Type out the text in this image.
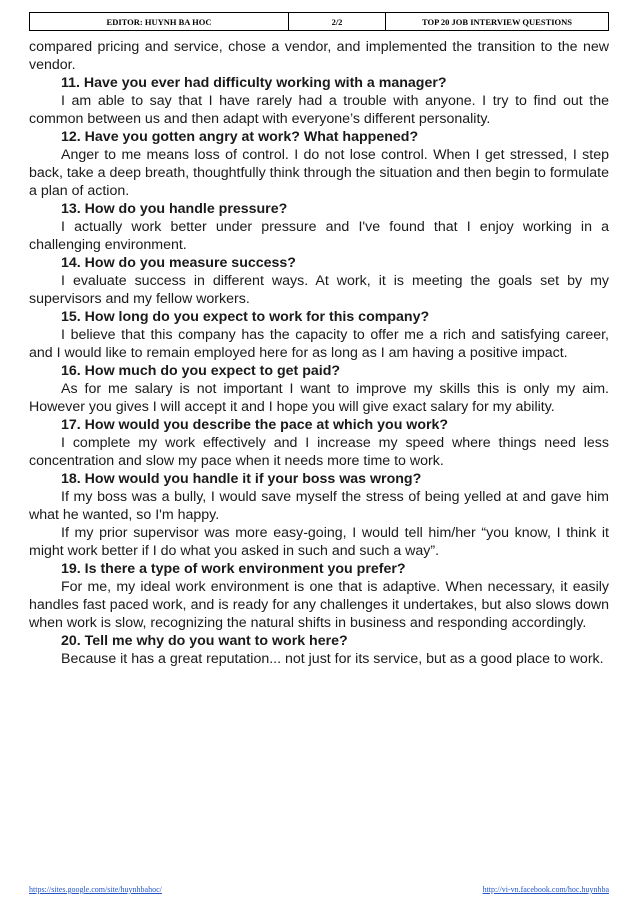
EDITOR: HUYNH BA HOC	2/2	TOP 20 JOB INTERVIEW QUESTIONS

compared pricing and service, chose a vendor, and implemented the transition to the new vendor.

11. Have you ever had difficulty working with a manager?

I am able to say that I have rarely had a trouble with anyone. I try to find out the common between us and then adapt with everyone’s different personality.

12. Have you gotten angry at work? What happened?

Anger to me means loss of control. I do not lose control. When I get stressed, I step back, take a deep breath, thoughtfully think through the situation and then begin to formulate a plan of action.

13. How do you handle pressure?

I actually work better under pressure and I've found that I enjoy working in a challenging environment.

14. How do you measure success?

I evaluate success in different ways. At work, it is meeting the goals set by my supervisors and my fellow workers.

15. How long do you expect to work for this company?

I believe that this company has the capacity to offer me a rich and satisfying career, and I would like to remain employed here for as long as I am having a positive impact.

16. How much do you expect to get paid?

As for me salary is not important I want to improve my skills this is only my aim. However you gives I will accept it and I hope you will give exact salary for my ability.

17. How would you describe the pace at which you work?

I complete my work effectively and I increase my speed where things need less concentration and slow my pace when it needs more time to work.

18. How would you handle it if your boss was wrong?

If my boss was a bully, I would save myself the stress of being yelled at and gave him what he wanted, so I'm happy.

If my prior supervisor was more easy-going, I would tell him/her “you know, I think it might work better if I do what you asked in such and such a way”.

19. Is there a type of work environment you prefer?

For me, my ideal work environment is one that is adaptive. When necessary, it easily handles fast paced work, and is ready for any challenges it undertakes, but also slows down when work is slow, recognizing the natural shifts in business and responding accordingly.

20. Tell me why do you want to work here?

Because it has a great reputation... not just for its service, but as a good place to work.

https://sites.google.com/site/huynhbahoc/	http://vi-vn.facebook.com/hoc.huynhba
